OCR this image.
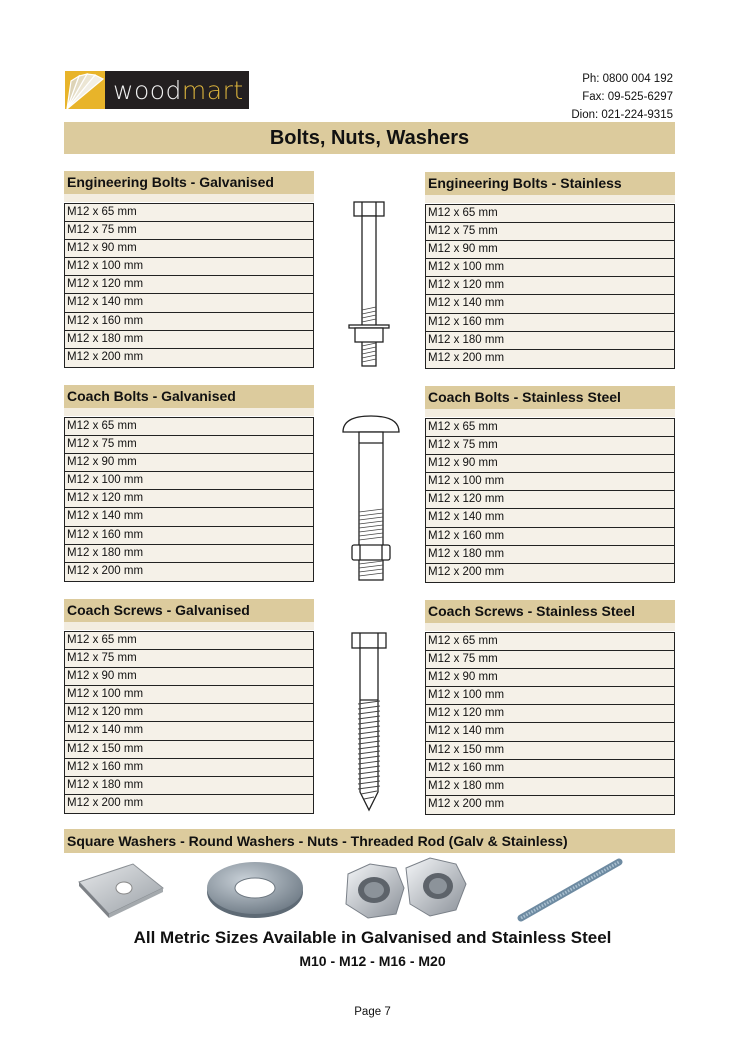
woodmart	Ph: 0800 004 192
Fax: 09-525-6297
Dion: 021-224-9315
Bolts, Nuts, Washers
Engineering Bolts - Galvanised
M12 x 65 mm
M12 x 75 mm
M12 x 90 mm
M12 x 100 mm
M12 x 120 mm
M12 x 140 mm
M12 x 160 mm
M12 x 180 mm
M12 x 200 mm
Engineering Bolts - Stainless
M12 x 65 mm
M12 x 75 mm
M12 x 90 mm
M12 x 100 mm
M12 x 120 mm
M12 x 140 mm
M12 x 160 mm
M12 x 180 mm
M12 x 200 mm
Coach Bolts - Galvanised
M12 x 65 mm
M12 x 75 mm
M12 x 90 mm
M12 x 100 mm
M12 x 120 mm
M12 x 140 mm
M12 x 160 mm
M12 x 180 mm
M12 x 200 mm
Coach Bolts - Stainless Steel
M12 x 65 mm
M12 x 75 mm
M12 x 90 mm
M12 x 100 mm
M12 x 120 mm
M12 x 140 mm
M12 x 160 mm
M12 x 180 mm
M12 x 200 mm
Coach Screws - Galvanised
M12 x 65 mm
M12 x 75 mm
M12 x 90 mm
M12 x 100 mm
M12 x 120 mm
M12 x 140 mm
M12 x 150 mm
M12 x 160 mm
M12 x 180 mm
M12 x 200 mm
Coach Screws - Stainless Steel
M12 x 65 mm
M12 x 75 mm
M12 x 90 mm
M12 x 100 mm
M12 x 120 mm
M12 x 140 mm
M12 x 150 mm
M12 x 160 mm
M12 x 180 mm
M12 x 200 mm
Square Washers - Round Washers - Nuts - Threaded Rod (Galv & Stainless)
All Metric Sizes Available in Galvanised and Stainless Steel
M10 - M12 - M16 - M20
Page 7
